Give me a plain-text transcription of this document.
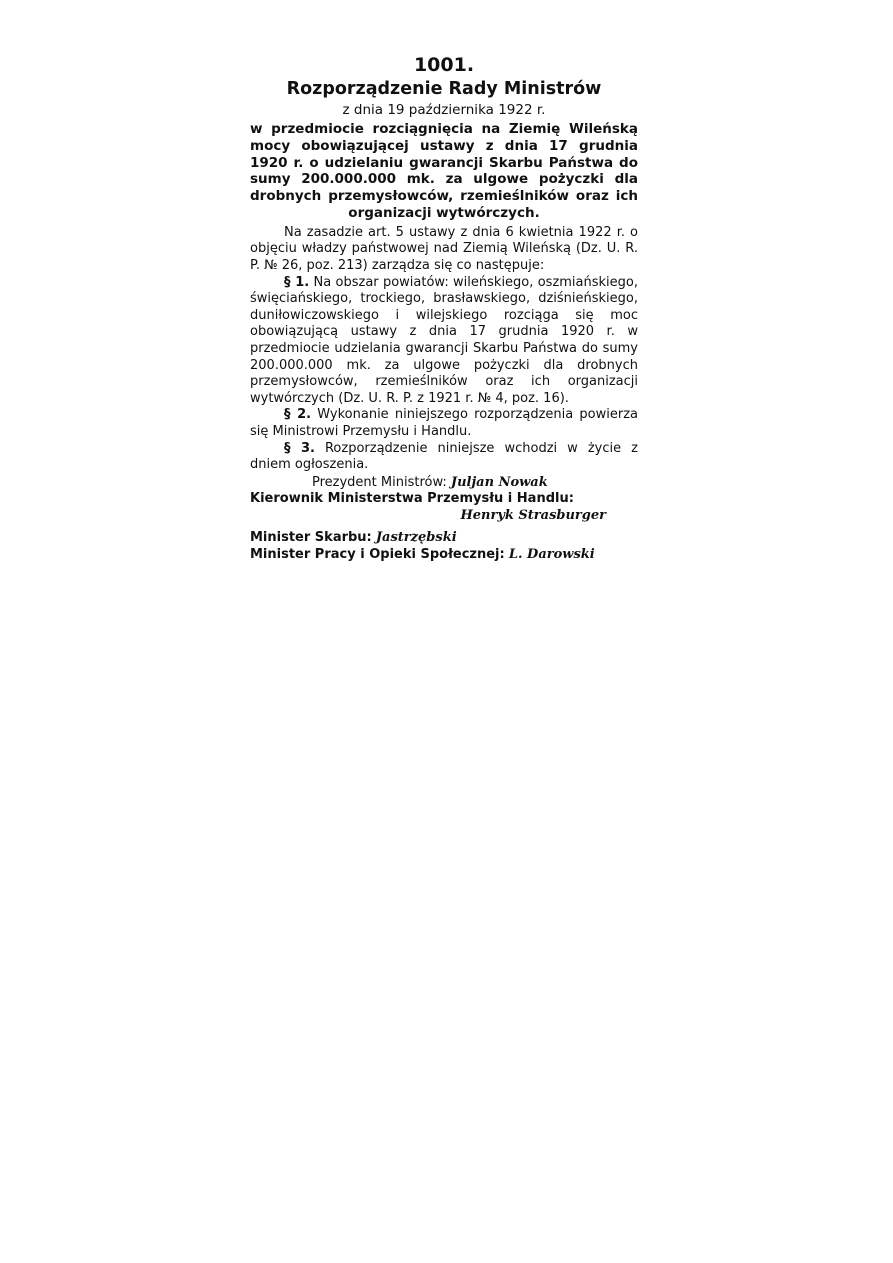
1001.
Rozporządzenie Rady Ministrów
z dnia 19 października 1922 r.

w przedmiocie rozciągnięcia na Ziemię Wileńską mocy obowiązującej ustawy z dnia 17 grudnia 1920 r. o udzielaniu gwarancji Skarbu Państwa do sumy 200.000.000 mk. za ulgowe pożyczki dla drobnych przemysłowców, rzemieślników oraz ich organizacji wytwórczych.

Na zasadzie art. 5 ustawy z dnia 6 kwietnia 1922 r. o objęciu władzy państwowej nad Ziemią Wileńską (Dz. U. R. P. № 26, poz. 213) zarządza się co następuje:

§ 1. Na obszar powiatów: wileńskiego, oszmiańskiego, święciańskiego, trockiego, brasławskiego, dziśnieńskiego, duniłowiczowskiego i wilejskiego rozciąga się moc obowiązującą ustawy z dnia 17 grudnia 1920 r. w przedmiocie udzielania gwarancji Skarbu Państwa do sumy 200.000.000 mk. za ulgowe pożyczki dla drobnych przemysłowców, rzemieślników oraz ich organizacji wytwórczych (Dz. U. R. P. z 1921 r. № 4, poz. 16).

§ 2. Wykonanie niniejszego rozporządzenia powierza się Ministrowi Przemysłu i Handlu.

§ 3. Rozporządzenie niniejsze wchodzi w życie z dniem ogłoszenia.

Prezydent Ministrów: Juljan Nowak

Kierownik Ministerstwa Przemysłu i Handlu:

Henryk Strasburger

Minister Skarbu: Jastrzębski

Minister Pracy i Opieki Społecznej: L. Darowski
